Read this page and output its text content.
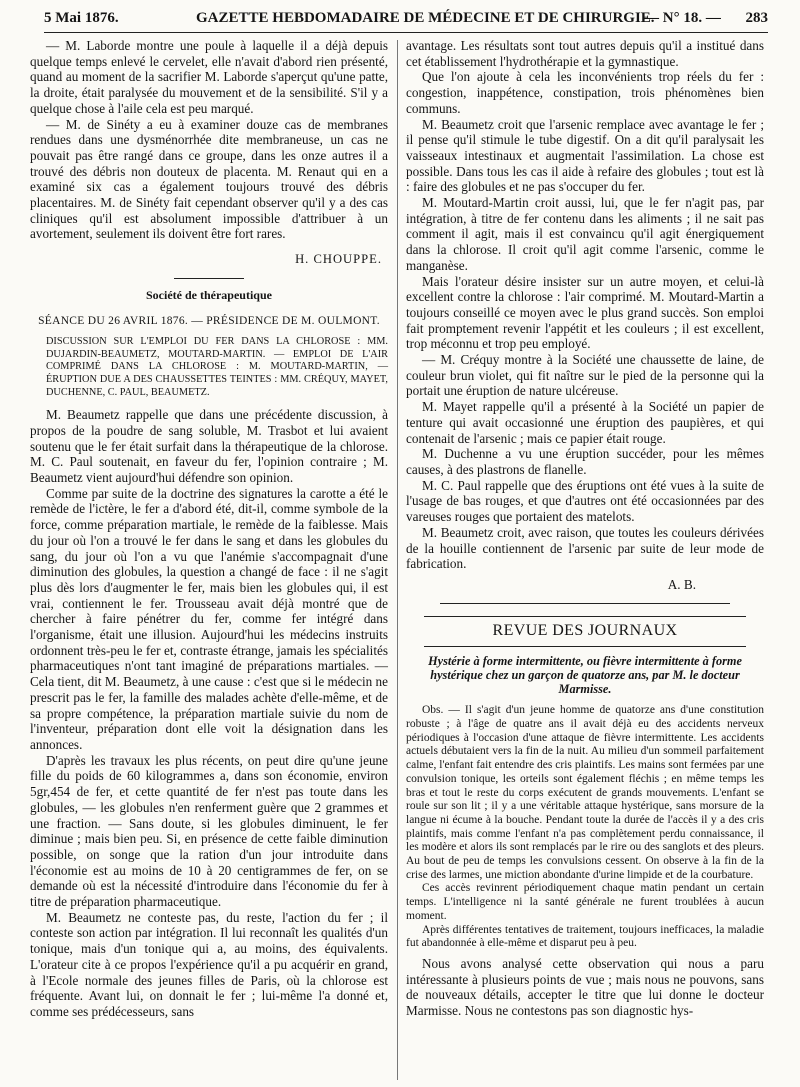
5 Mai 1876.	GAZETTE HEBDOMADAIRE DE MÉDECINE ET DE CHIRURGIE.
— N° 18. — 283

— M. Laborde montre une poule à laquelle il a déjà depuis quelque temps enlevé le cervelet, elle n'avait d'abord rien présenté, quand au moment de la sacrifier M. Laborde s'aperçut qu'une patte, la droite, était paralysée du mouvement et de la sensibilité. S'il y a quelque chose à l'aile cela est peu marqué.

— M. de Sinéty a eu à examiner douze cas de membranes rendues dans une dysménorrhée dite membraneuse, un cas ne pouvait pas être rangé dans ce groupe, dans les onze autres il a trouvé des débris non douteux de placenta. M. Renaut qui en a examiné six cas a également toujours trouvé des débris placentaires. M. de Sinéty fait cependant observer qu'il y a des cas cliniques qu'il est absolument impossible d'attribuer à un avortement, seulement ils doivent être fort rares.

H. CHOUPPE.
Société de thérapeutique
SÉANCE DU 26 AVRIL 1876. — PRÉSIDENCE DE M. OULMONT.

DISCUSSION SUR L'EMPLOI DU FER DANS LA CHLOROSE : MM. DUJARDIN-BEAUMETZ, MOUTARD-MARTIN. — EMPLOI DE L'AIR COMPRIMÉ DANS LA CHLOROSE : M. MOUTARD-MARTIN, — ÉRUPTION DUE A DES CHAUSSETTES TEINTES : MM. CRÉQUY, MAYET, DUCHENNE, C. PAUL, BEAUMETZ.

M. Beaumetz rappelle que dans une précédente discussion, à propos de la poudre de sang soluble, M. Trasbot et lui avaient soutenu que le fer était surfait dans la thérapeutique de la chlorose. M. C. Paul soutenait, en faveur du fer, l'opinion contraire ; M. Beaumetz vient aujourd'hui défendre son opinion.

Comme par suite de la doctrine des signatures la carotte a été le remède de l'ictère, le fer a d'abord été, dit-il, comme symbole de la force, comme préparation martiale, le remède de la faiblesse. Mais du jour où l'on a trouvé le fer dans le sang et dans les globules du sang, du jour où l'on a vu que l'anémie s'accompagnait d'une diminution des globules, la question a changé de face : il ne s'agit plus dès lors d'augmenter le fer, mais bien les globules qui, il est vrai, contiennent le fer. Trousseau avait déjà montré que de chercher à faire pénétrer du fer, comme fer intégré dans l'organisme, était une illusion. Aujourd'hui les médecins instruits ordonnent très-peu le fer et, contraste étrange, jamais les spécialités pharmaceutiques n'ont tant imaginé de préparations martiales. — Cela tient, dit M. Beaumetz, à une cause : c'est que si le médecin ne prescrit pas le fer, la famille des malades achète d'elle-même, et de sa propre compétence, la préparation martiale suivie du nom de l'inventeur, préparation dont elle voit la désignation dans les annonces.

D'après les travaux les plus récents, on peut dire qu'une jeune fille du poids de 60 kilogrammes a, dans son économie, environ 5gr,454 de fer, et cette quantité de fer n'est pas toute dans les globules, — les globules n'en renferment guère que 2 grammes et une fraction. — Sans doute, si les globules diminuent, le fer diminue ; mais bien peu. Si, en présence de cette faible diminution possible, on songe que la ration d'un jour introduite dans l'économie est au moins de 10 à 20 centigrammes de fer, on se demande où est la nécessité d'introduire dans l'économie du fer à titre de préparation pharmaceutique.

M. Beaumetz ne conteste pas, du reste, l'action du fer ; il conteste son action par intégration. Il lui reconnaît les qualités d'un tonique, mais d'un tonique qui a, au moins, des équivalents. L'orateur cite à ce propos l'expérience qu'il a pu acquérir en grand, à l'Ecole normale des jeunes filles de Paris, où la chlorose est fréquente. Avant lui, on donnait le fer ; lui-même l'a donné et, comme ses prédécesseurs, sans

avantage. Les résultats sont tout autres depuis qu'il a institué dans cet établissement l'hydrothérapie et la gymnastique.

Que l'on ajoute à cela les inconvénients trop réels du fer : congestion, inappétence, constipation, trois phénomènes bien communs.

M. Beaumetz croit que l'arsenic remplace avec avantage le fer ; il pense qu'il stimule le tube digestif. On a dit qu'il paralysait les vaisseaux intestinaux et augmentait l'assimilation. La chose est possible. Dans tous les cas il aide à refaire des globules ; tout est là : faire des globules et ne pas s'occuper du fer.

M. Moutard-Martin croit aussi, lui, que le fer n'agit pas, par intégration, à titre de fer contenu dans les aliments ; il ne sait pas comment il agit, mais il est convaincu qu'il agit énergiquement dans la chlorose. Il croit qu'il agit comme l'arsenic, comme le manganèse.

Mais l'orateur désire insister sur un autre moyen, et celui-là excellent contre la chlorose : l'air comprimé. M. Moutard-Martin a toujours conseillé ce moyen avec le plus grand succès. Son emploi fait promptement revenir l'appétit et les couleurs ; il est excellent, trop méconnu et trop peu employé.

— M. Créquy montre à la Société une chaussette de laine, de couleur brun violet, qui fit naître sur le pied de la personne qui la portait une éruption de nature ulcéreuse.

M. Mayet rappelle qu'il a présenté à la Société un papier de tenture qui avait occasionné une éruption des paupières, et qui contenait de l'arsenic ; mais ce papier était rouge.

M. Duchenne a vu une éruption succéder, pour les mêmes causes, à des plastrons de flanelle.

M. C. Paul rappelle que des éruptions ont été vues à la suite de l'usage de bas rouges, et que d'autres ont été occasionnées par des vareuses rouges que portaient des matelots.

M. Beaumetz croit, avec raison, que toutes les couleurs dérivées de la houille contiennent de l'arsenic par suite de leur mode de fabrication.

A. B.
REVUE DES JOURNAUX
Hystérie à forme intermittente, ou fièvre intermittente à forme hystérique chez un garçon de quatorze ans, par M. le docteur Marmisse.

Obs. — Il s'agit d'un jeune homme de quatorze ans d'une constitution robuste ; à l'âge de quatre ans il avait déjà eu des accidents nerveux périodiques à l'occasion d'une attaque de fièvre intermittente. Les accidents actuels débutaient vers la fin de la nuit. Au milieu d'un sommeil parfaitement calme, l'enfant fait entendre des cris plaintifs. Les mains sont fermées par une convulsion tonique, les orteils sont également fléchis ; en même temps les bras et tout le reste du corps exécutent de grands mouvements. L'enfant se roule sur son lit ; il y a une véritable attaque hystérique, sans morsure de la langue ni écume à la bouche. Pendant toute la durée de l'accès il y a des cris plaintifs, mais comme l'enfant n'a pas complètement perdu connaissance, il les modère et alors ils sont remplacés par le rire ou des sanglots et des pleurs. Au bout de peu de temps les convulsions cessent. On observe à la fin de la crise des larmes, une miction abondante d'urine limpide et de la courbature.

Ces accès revinrent périodiquement chaque matin pendant un certain temps. L'intelligence ni la santé générale ne furent troublées à aucun moment.

Après différentes tentatives de traitement, toujours inefficaces, la maladie fut abandonnée à elle-même et disparut peu à peu.

Nous avons analysé cette observation qui nous a paru intéressante à plusieurs points de vue ; mais nous ne pouvons, sans de nouveaux détails, accepter le titre que lui donne le docteur Marmisse. Nous ne contestons pas son diagnostic hys-
